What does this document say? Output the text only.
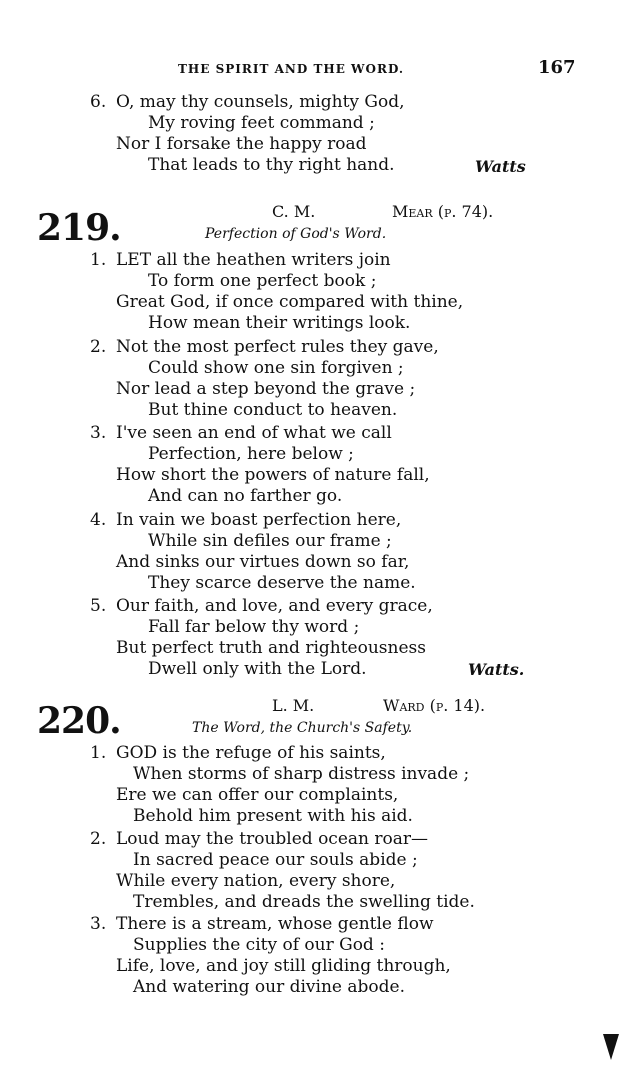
THE SPIRIT AND THE WORD.	167
6. O, may thy counsels, mighty God,
My roving feet command ;
Nor I forsake the happy road
That leads to thy right hand.	Watts
219.	C. M.	Mear (p. 74).
Perfection of God's Word.
1. LET all the heathen writers join
To form one perfect book ;
Great God, if once compared with thine,
How mean their writings look.
2. Not the most perfect rules they gave,
Could show one sin forgiven ;
Nor lead a step beyond the grave ;
But thine conduct to heaven.
3. I've seen an end of what we call
Perfection, here below ;
How short the powers of nature fall,
And can no farther go.
4. In vain we boast perfection here,
While sin defiles our frame ;
And sinks our virtues down so far,
They scarce deserve the name.
5. Our faith, and love, and every grace,
Fall far below thy word ;
But perfect truth and righteousness
Dwell only with the Lord.	Watts.
220.	L. M.	Ward (p. 14).
The Word, the Church's Safety.
1. GOD is the refuge of his saints,
When storms of sharp distress invade ;
Ere we can offer our complaints,
Behold him present with his aid.
2. Loud may the troubled ocean roar—
In sacred peace our souls abide ;
While every nation, every shore,
Trembles, and dreads the swelling tide.
3. There is a stream, whose gentle flow
Supplies the city of our God :
Life, love, and joy still gliding through,
And watering our divine abode.
